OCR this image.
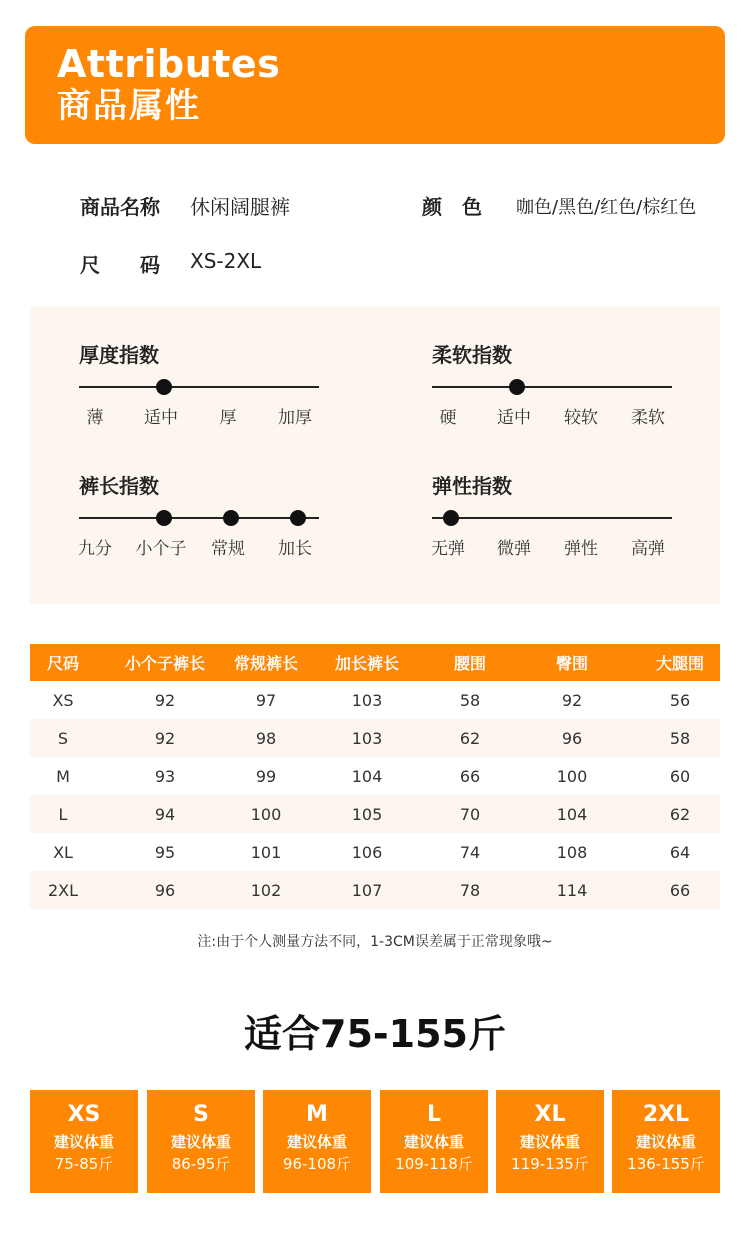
Attributes
商品属性
商品名称 休闲阔腿裤	颜　色 咖色/黑色/红色/棕红色
尺　　码 XS-2XL
厚度指数
薄 适中 厚 加厚
柔软指数
硬 适中 较软 柔软
裤长指数
九分 小个子 常规 加长
弹性指数
无弹 微弹 弹性 高弹
尺码	小个子裤长	常规裤长	加长裤长	腰围	臀围	大腿围
XS	92	97	103	58	92	56
S	92	98	103	62	96	58
M	93	99	104	66	100	60
L	94	100	105	70	104	62
XL	95	101	106	74	108	64
2XL	96	102	107	78	114	66
注:由于个人测量方法不同，1-3CM误差属于正常现象哦~
适合75-155斤
XS
建议体重
75-85斤
S
建议体重
86-95斤
M
建议体重
96-108斤
L
建议体重
109-118斤
XL
建议体重
119-135斤
2XL
建议体重
136-155斤
